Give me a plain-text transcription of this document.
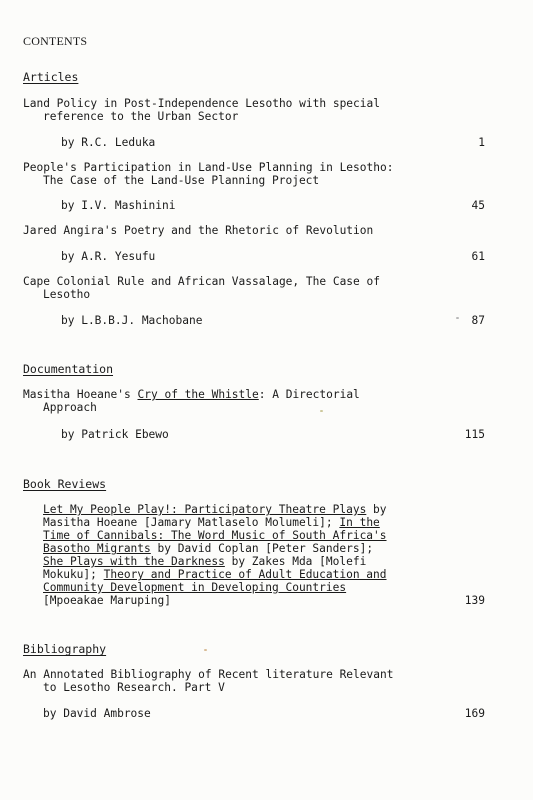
CONTENTS
Articles
Land Policy in Post-Independence Lesotho with special
reference to the Urban Sector
by R.C. Leduka	1
People's Participation in Land-Use Planning in Lesotho:
The Case of the Land-Use Planning Project
by I.V. Mashinini	45
Jared Angira's Poetry and the Rhetoric of Revolution
by A.R. Yesufu	61
Cape Colonial Rule and African Vassalage, The Case of
Lesotho
by L.B.B.J. Machobane	87
Documentation
Masitha Hoeane's Cry of the Whistle: A Directorial
Approach
by Patrick Ebewo	115
Book Reviews
Let My People Play!: Participatory Theatre Plays by
Masitha Hoeane [Jamary Matlaselo Molumeli]; In the
Time of Cannibals: The Word Music of South Africa's
Basotho Migrants by David Coplan [Peter Sanders];
She Plays with the Darkness by Zakes Mda [Molefi
Mokuku]; Theory and Practice of Adult Education and
Community Development in Developing Countries
[Mpoeakae Maruping]	139
Bibliography
An Annotated Bibliography of Recent literature Relevant
to Lesotho Research. Part V
by David Ambrose	169
